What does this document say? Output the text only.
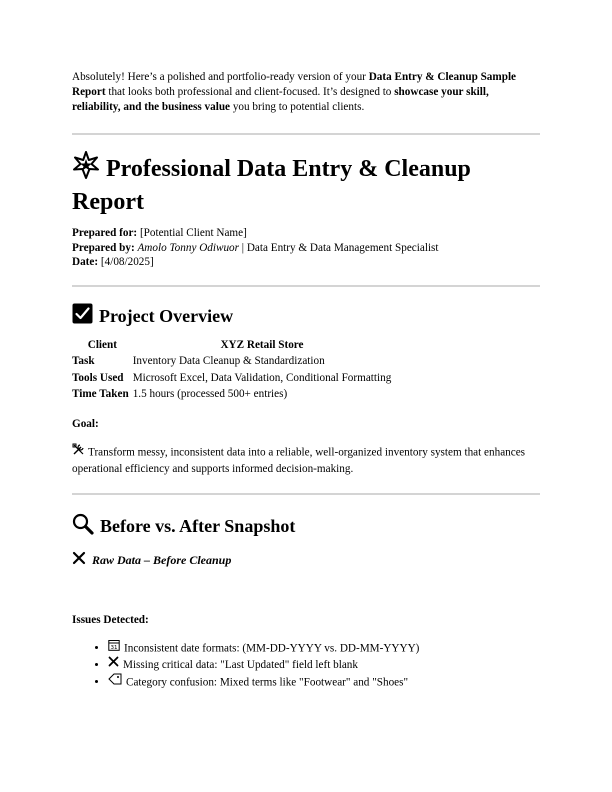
Absolutely! Here’s a polished and portfolio-ready version of your Data Entry & Cleanup Sample Report that looks both professional and client-focused. It’s designed to showcase your skill, reliability, and the business value you bring to potential clients.

Professional Data Entry & Cleanup Report
Prepared for: [Potential Client Name]
Prepared by: Amolo Tonny Odiwuor | Data Entry & Data Management Specialist
Date: [4/08/2025]
Project Overview
Client	XYZ Retail Store
Task	Inventory Data Cleanup & Standardization
Tools Used	Microsoft Excel, Data Validation, Conditional Formatting
Time Taken	1.5 hours (processed 500+ entries)

Goal:

Transform messy, inconsistent data into a reliable, well-organized inventory system that enhances operational efficiency and supports informed decision-making.

Before vs. After Snapshot
Raw Data – Before Cleanup

Issues Detected:

• 31 Inconsistent date formats: (MM-DD-YYYY vs. DD-MM-YYYY)
• Missing critical data: "Last Updated" field left blank
• Category confusion: Mixed terms like "Footwear" and "Shoes"
